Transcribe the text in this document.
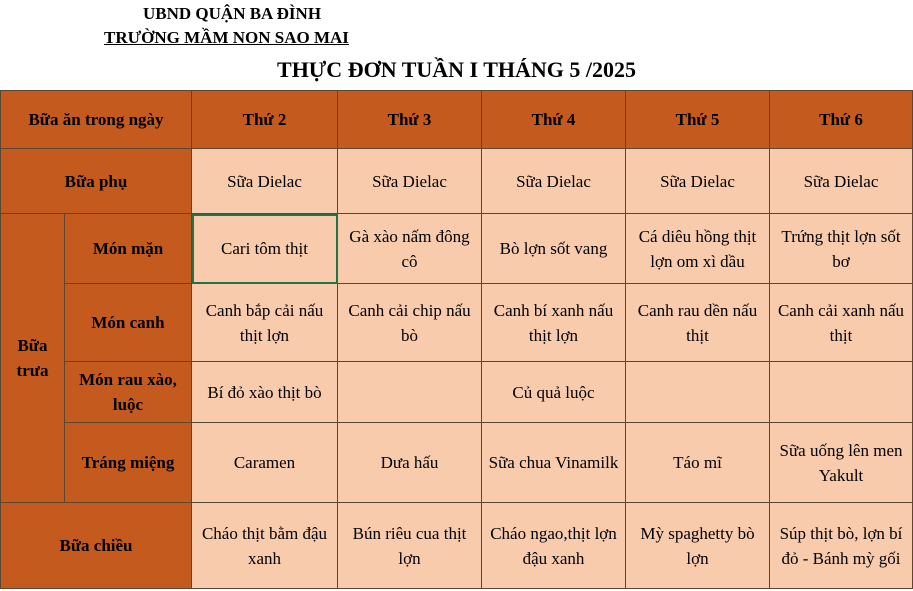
UBND QUẬN BA ĐÌNH
TRƯỜNG MẦM NON SAO MAI
THỰC ĐƠN TUẦN I THÁNG 5 /2025
Bữa ăn trong ngày		Thứ 2	Thứ 3	Thứ 4	Thứ 5	Thứ 6
Bữa phụ		Sữa Dielac	Sữa Dielac	Sữa Dielac	Sữa Dielac	Sữa Dielac
Bữa trưa	Món mặn	Cari tôm thịt	Gà xào nấm đông cô	Bò lợn sốt vang	Cá diêu hồng thịt lợn om xì dầu	Trứng thịt lợn sốt bơ
	Món canh	Canh bắp cải nấu thịt lợn	Canh cải chip nấu bò	Canh bí xanh nấu thịt lợn	Canh rau dền nấu thịt	Canh cải xanh nấu thịt
	Món rau xào, luộc	Bí đỏ xào thịt bò		Củ quả luộc		
	Tráng miệng	Caramen	Dưa hấu	Sữa chua Vinamilk	Táo mĩ	Sữa uống lên men Yakult
Bữa chiều		Cháo thịt bằm đậu xanh	Bún riêu cua thịt lợn	Cháo ngao,thịt lợn đậu xanh	Mỳ spaghetty bò lợn	Súp thịt bò, lợn bí đỏ - Bánh mỳ gối
